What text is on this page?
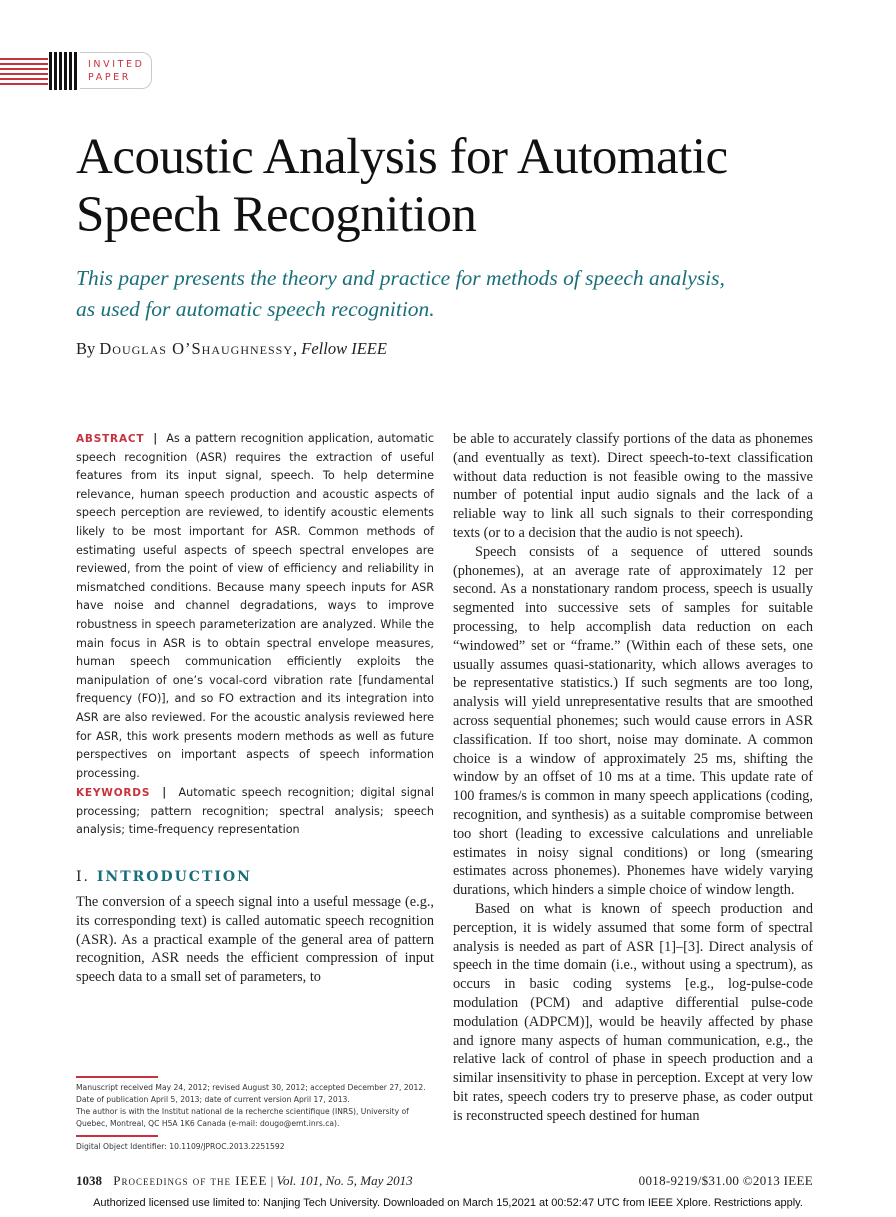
INVITED
PAPER
Acoustic Analysis for Automatic
Speech Recognition
This paper presents the theory and practice for methods of speech analysis,
as used for automatic speech recognition.
By Douglas O’Shaughnessy, Fellow IEEE
ABSTRACT  |  As a pattern recognition application, automatic speech recognition (ASR) requires the extraction of useful features from its input signal, speech. To help determine relevance, human speech production and acoustic aspects of speech perception are reviewed, to identify acoustic elements likely to be most important for ASR. Common methods of estimating useful aspects of speech spectral envelopes are reviewed, from the point of view of efficiency and reliability in mismatched conditions. Because many speech inputs for ASR have noise and channel degradations, ways to improve robustness in speech parameterization are analyzed. While the main focus in ASR is to obtain spectral envelope measures, human speech communication efficiently exploits the manipulation of one’s vocal-cord vibration rate [fundamental frequency (FO)], and so FO extraction and its integration into ASR are also reviewed. For the acoustic analysis reviewed here for ASR, this work presents modern methods as well as future perspectives on important aspects of speech information processing.
KEYWORDS  |  Automatic speech recognition; digital signal processing; pattern recognition; spectral analysis; speech analysis; time-frequency representation
I. INTRODUCTION
The conversion of a speech signal into a useful message (e.g., its corresponding text) is called automatic speech recognition (ASR). As a practical example of the general area of pattern recognition, ASR needs the efficient compression of input speech data to a small set of parameters, to
Manuscript received May 24, 2012; revised August 30, 2012; accepted December 27, 2012. Date of publication April 5, 2013; date of current version April 17, 2013.
The author is with the Institut national de la recherche scientifique (INRS), University of Quebec, Montreal, QC H5A 1K6 Canada (e-mail: dougo@emt.inrs.ca).
Digital Object Identifier: 10.1109/JPROC.2013.2251592

be able to accurately classify portions of the data as phonemes (and eventually as text). Direct speech-to-text classification without data reduction is not feasible owing to the massive number of potential input audio signals and the lack of a reliable way to link all such signals to their corresponding texts (or to a decision that the audio is not speech).

Speech consists of a sequence of uttered sounds (phonemes), at an average rate of approximately 12 per second. As a nonstationary random process, speech is usually segmented into successive sets of samples for suitable processing, to help accomplish data reduction on each “windowed” set or “frame.” (Within each of these sets, one usually assumes quasi-stationarity, which allows averages to be representative statistics.) If such segments are too long, analysis will yield unrepresentative results that are smoothed across sequential phonemes; such would cause errors in ASR classification. If too short, noise may dominate. A common choice is a window of approximately 25 ms, shifting the window by an offset of 10 ms at a time. This update rate of 100 frames/s is common in many speech applications (coding, recognition, and synthesis) as a suitable compromise between too short (leading to excessive calculations and unreliable estimates in noisy signal conditions) or long (smearing estimates across phonemes). Phonemes have widely varying durations, which hinders a simple choice of window length.

Based on what is known of speech production and perception, it is widely assumed that some form of spectral analysis is needed as part of ASR [1]–[3]. Direct analysis of speech in the time domain (i.e., without using a spectrum), as occurs in basic coding systems [e.g., log-pulse-code modulation (PCM) and adaptive differential pulse-code modulation (ADPCM)], would be heavily affected by phase and ignore many aspects of human communication, e.g., the relative lack of control of phase in speech production and a similar insensitivity to phase in perception. Except at very low bit rates, speech coders try to preserve phase, as coder output is reconstructed speech destined for human

1038 Proceedings of the IEEE | Vol. 101, No. 5, May 2013	0018-9219/$31.00 ©2013 IEEE
Authorized licensed use limited to: Nanjing Tech University. Downloaded on March 15,2021 at 00:52:47 UTC from IEEE Xplore. Restrictions apply.
